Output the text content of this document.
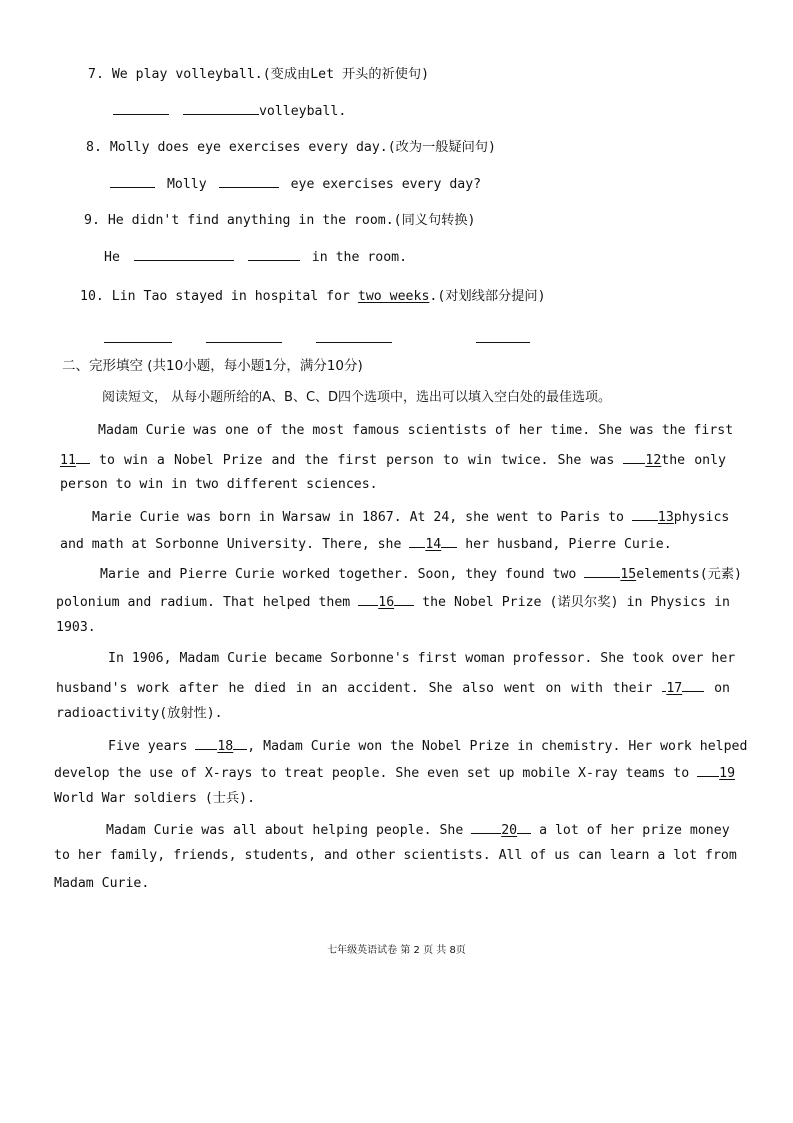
7. We play volleyball.(变成由Let 开头的祈使句)
volleyball.
8. Molly does eye exercises every day.(改为一般疑问句)
Molly	eye exercises every day?
9. He didn't find anything in the room.(同义句转换)
He	in the room.
10. Lin Tao stayed in hospital for two weeks.(对划线部分提问)

二、完形填空 (共10小题，每小题1分，满分10分)
阅读短文， 从每小题所给的A、B、C、D四个选项中，选出可以填入空白处的最佳选项。
Madam Curie was one of the most famous scientists of her time. She was the first
11 to win a Nobel Prize and the first person to win twice. She was 12the only
person to win in two different sciences.
Marie Curie was born in Warsaw in 1867. At 24, she went to Paris to	13physics
and math at Sorbonne University. There, she 14 her husband, Pierre Curie.
Marie and Pierre Curie worked together. Soon, they found two	15elements(元素)
polonium and radium. That helped them 16 the Nobel Prize (诺贝尔奖) in Physics in
1903.
In 1906, Madam Curie became Sorbonne's first woman professor. She took over her
husband's work after he died in an accident. She also went on with their 17 on
radioactivity(放射性).
Five years 18 , Madam Curie won the Nobel Prize in chemistry. Her work helped
develop the use of X-rays to treat people. She even set up mobile X-ray teams to 19
World War soldiers (士兵).
Madam Curie was all about helping people. She	20 a lot of her prize money
to her family, friends, students, and other scientists. All of us can learn a lot from
Madam Curie.
七年级英语试卷 第 2 页 共 8页
